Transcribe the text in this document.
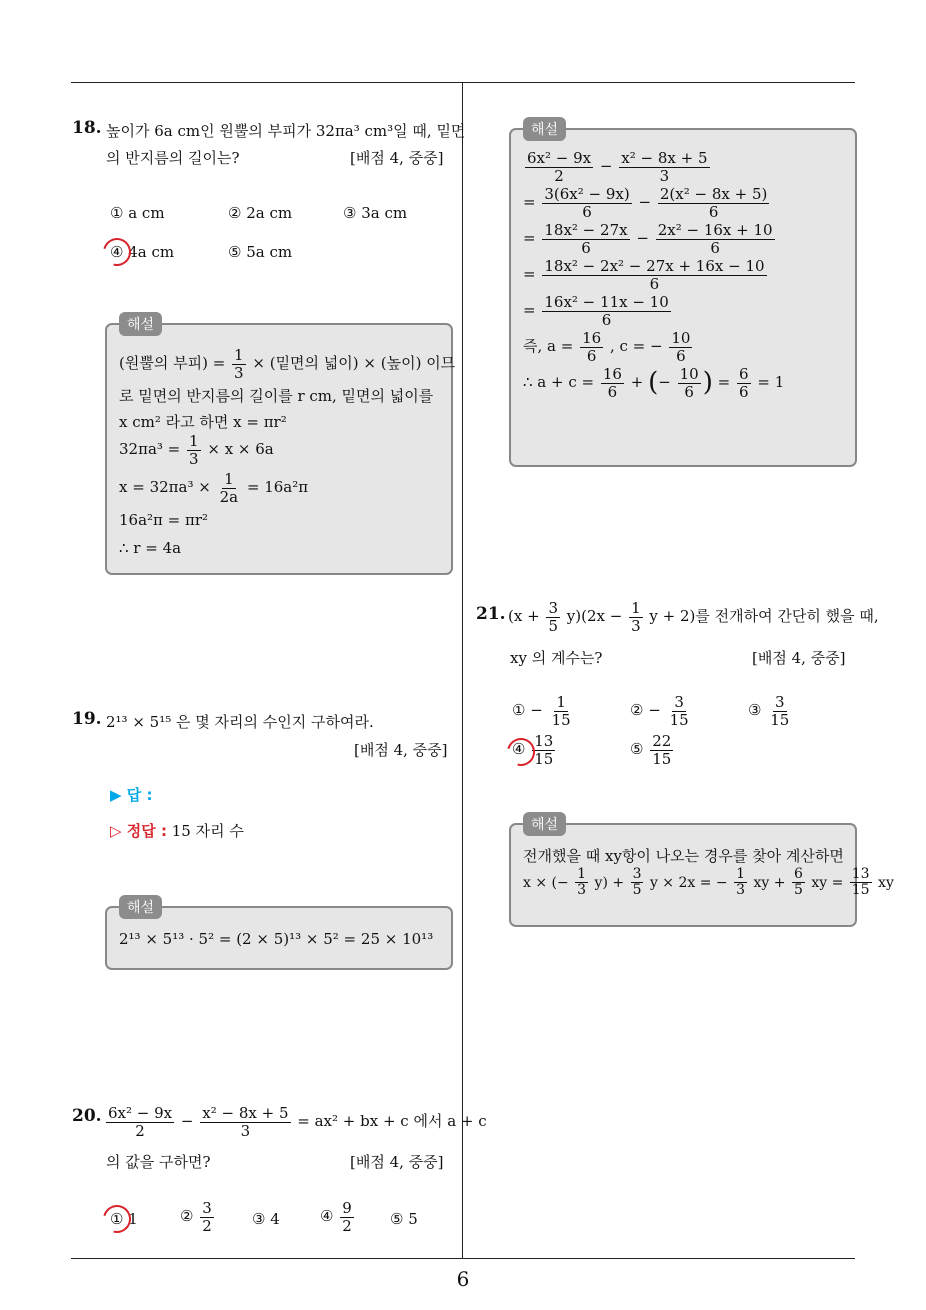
6
18. 높이가 6a cm인 원뿔의 부피가 32πa³ cm³일 때, 밑면
의 반지름의 길이는?	[배점 4, 중중]
① a cm	② 2a cm	③ 3a cm
④ 4a cm	⑤ 5a cm
해설
(원뿔의 부피) = $\frac{1}{3}$ × (밑면의 넓이) × (높이) 이므
로 밑면의 반지름의 길이를 r cm, 밑면의 넓이를
x cm² 라고 하면 x = πr²
$32\pi a^3 = \frac{1}{3} \times x \times 6a$
$x = 32\pi a^3 \times \frac{1}{2a} = 16a^2\pi$
16a²π = πr²
∴ r = 4a
19. 2¹³ × 5¹⁵ 은 몇 자리의 수인지 구하여라.
[배점 4, 중중]
▶ 답 :
▷ 정답 : 15 자리 수
해설
2¹³ × 5¹³ · 5² = (2 × 5)¹³ × 5² = 25 × 10¹³
20. $\frac{\text{6x² − 9x}}{2} - \frac{\text{x² − 8x + 5}}{3} = ax^2$ + bx + c 에서 a + c
의 값을 구하면?	[배점 4, 중중]
① 1	② $\frac{3}{2}$	③ 4	④ $\frac{9}{2}$ ⑤ 5
해설
$\frac{\text{6x² − 9x}}{2} - \frac{\text{x² − 8x + 5}}{3}$
= $\frac{\text{3(6x² − 9x)}}{6} - \frac{\text{2(x² − 8x + 5)}}{6}$
= $\frac{\text{18x² − 27x}}{6} - \frac{\text{2x² − 16x + 10}}{6}$
= $\frac{\text{18x² − 2x² − 27x + 16x − 10}}{6}$
= $\frac{\text{16x² − 11x − 10}}{6}$
즉, $a = \frac{16}{6}$ , c = − $\frac{10}{6}$
∴ $a + c = \frac{16}{6}$ + (− $\frac{10}{6}$ ) = $\frac{6}{6} = 1$
21. $(x + \frac{3}{5} y)(2x - \frac{1}{3}$ y + 2)를 전개하여 간단히 했을 때,
xy 의 계수는?	[배점 4, 중중]
① − $\frac{1}{15}$	② − $\frac{3}{15}$	③ $\frac{3}{15}$
④ $\frac{13}{15}$	⑤ $\frac{22}{15}$
해설
전개했을 때 xy항이 나오는 경우를 찾아 계산하면
x × (− $\frac{1}{3} y) + \frac{3}{5}$ y × 2x = − $\frac{1}{3}$ xy + $\frac{6}{5}$ xy = $\frac{13}{15}$ xy
